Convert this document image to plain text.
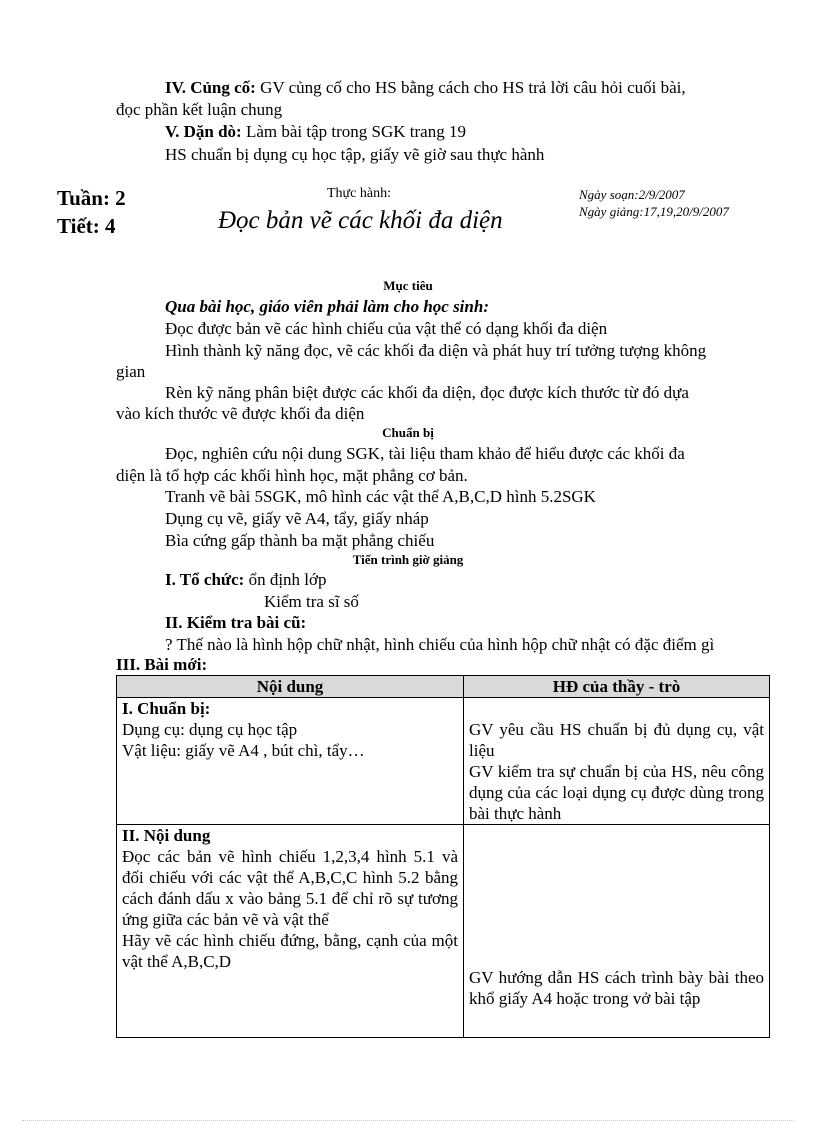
IV. Củng cố: GV củng cố cho HS bằng cách cho HS trả lời câu hỏi cuối bài,
đọc phần kết luận chung
V. Dặn dò: Làm bài tập trong SGK trang 19
HS chuẩn bị dụng cụ học tập, giấy vẽ giờ sau thực hành
Tuần: 2
Tiết: 4
Thực hành:
Đọc bản vẽ các khối đa diện
Ngày soạn:2/9/2007
Ngày giảng:17,19,20/9/2007
Mục tiêu
Qua bài học, giáo viên phải làm cho học sinh:
Đọc được bản vẽ các hình chiếu của vật thể có dạng khối đa diện
Hình thành kỹ năng đọc, vẽ các khối đa diện và phát huy trí tưởng tượng không
gian
Rèn kỹ năng phân biệt được các khối đa diện, đọc được kích thước từ đó dựa
vào kích thước vẽ được khối đa diện
Chuẩn bị
Đọc, nghiên cứu nội dung SGK, tài liệu tham khảo để hiểu được các khối đa
diện là tổ hợp các khối hình học, mặt phẳng cơ bản.
Tranh vẽ bài 5SGK, mô hình các vật thể A,B,C,D hình 5.2SGK
Dụng cụ vẽ, giấy vẽ A4, tẩy, giấy nháp
Bìa cứng gấp thành ba mặt phẳng chiếu
Tiến trình giờ giảng
I. Tổ chức: ổn định lớp
Kiểm tra sĩ số
II. Kiểm tra bài cũ:
? Thế nào là hình hộp chữ nhật, hình chiếu của hình hộp chữ nhật có đặc điểm gì
III. Bài mới:
Nội dung	HĐ của thầy - trò

I. Chuẩn bị:
Dụng cụ: dụng cụ học tập
Vật liệu: giấy vẽ A4 , bút chì, tẩy…	GV yêu cầu HS chuẩn bị đủ dụng cụ, vật liệu
GV kiểm tra sự chuẩn bị của HS, nêu công dụng của các loại dụng cụ được dùng trong bài thực hành

II. Nội dung
Đọc các bản vẽ hình chiếu 1,2,3,4 hình 5.1 và đối chiếu với các vật thể A,B,C,C hình 5.2 bằng cách đánh dấu x vào bảng 5.1 để chỉ rõ sự tương ứng giữa các bản vẽ và vật thể
Hãy vẽ các hình chiếu đứng, bằng, cạnh của một vật thể A,B,C,D	GV hướng dẫn HS cách trình bày bài theo khổ giấy A4 hoặc trong vở bài tập
